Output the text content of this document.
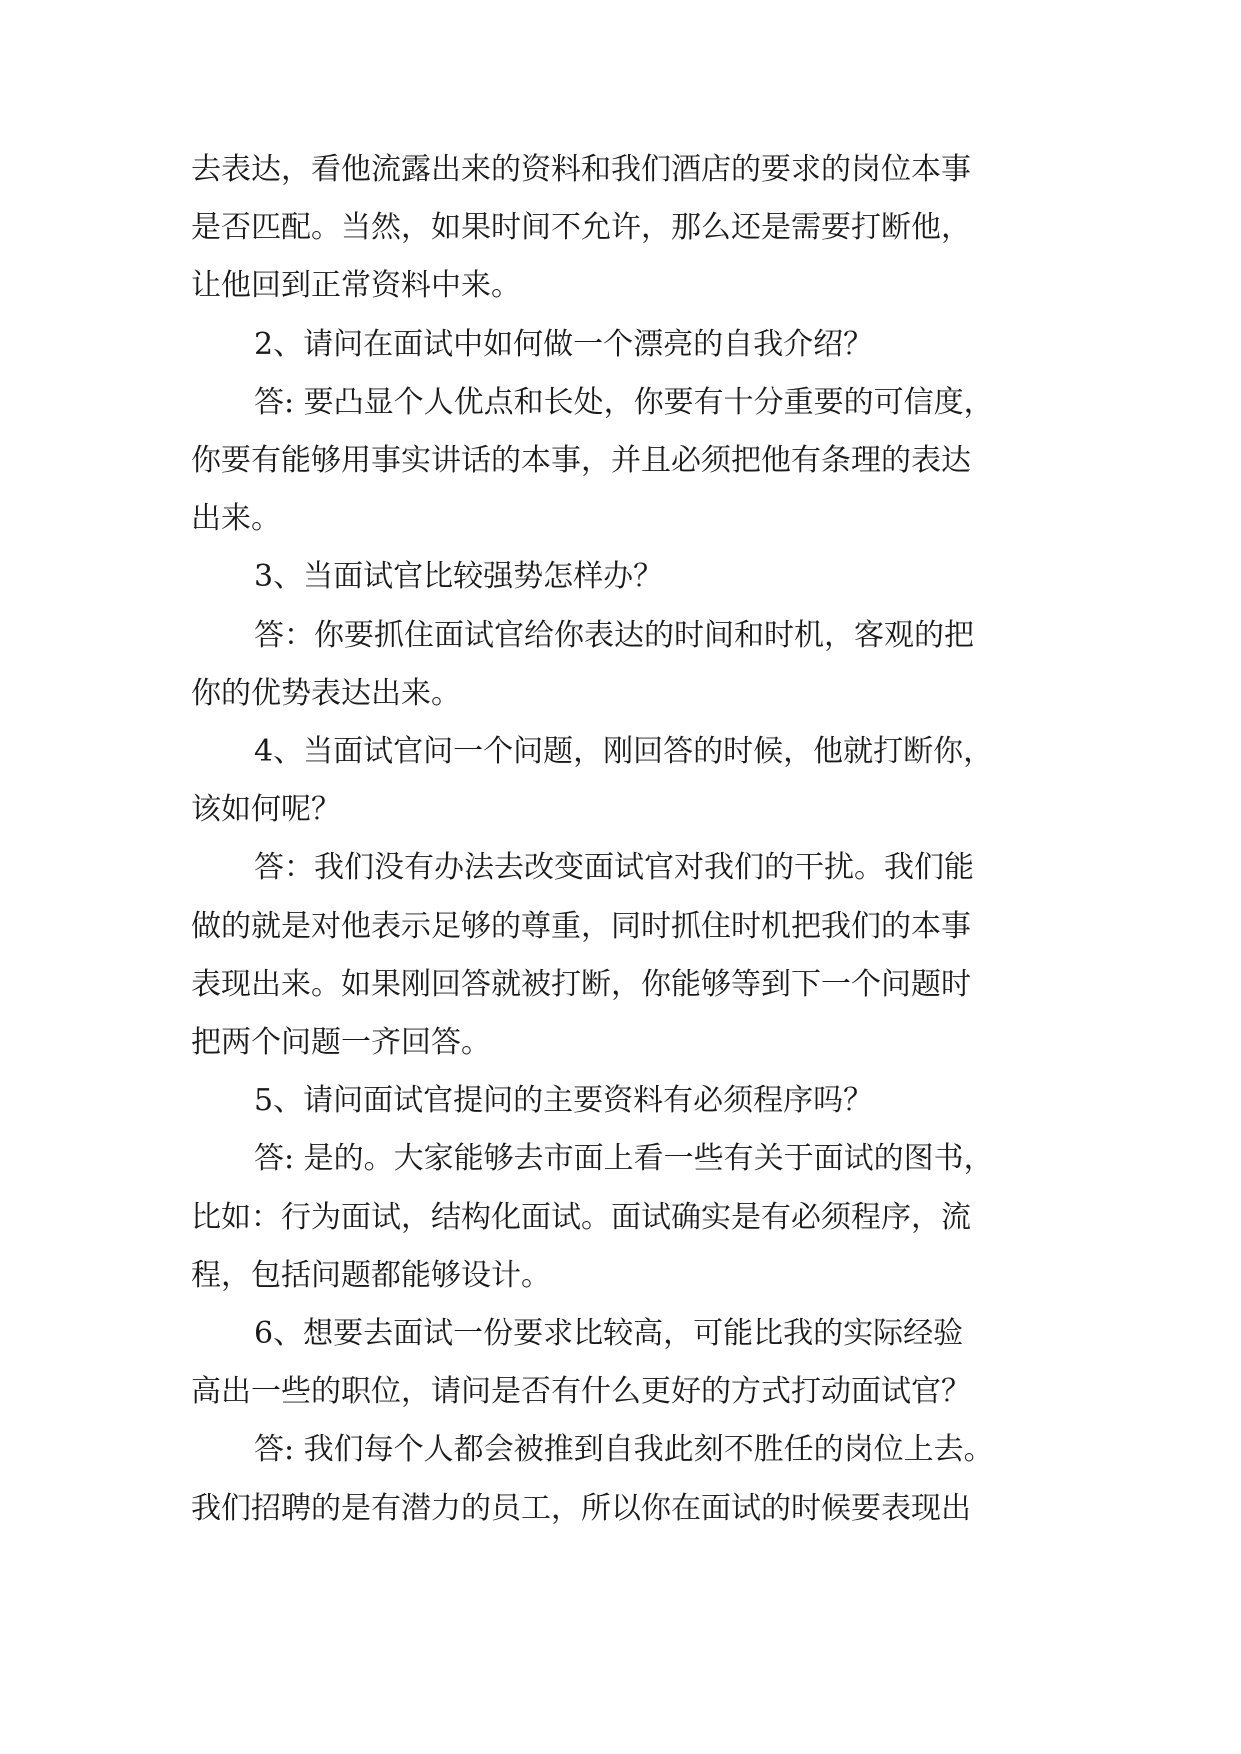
去表达，看他流露出来的资料和我们酒店的要求的岗位本事
是否匹配。当然，如果时间不允许，那么还是需要打断他，
让他回到正常资料中来。
2、请问在面试中如何做一个漂亮的自我介绍？
答: 要凸显个人优点和长处，你要有十分重要的可信度，
你要有能够用事实讲话的本事，并且必须把他有条理的表达
出来。
3、当面试官比较强势怎样办？
答：你要抓住面试官给你表达的时间和时机，客观的把
你的优势表达出来。
4、当面试官问一个问题，刚回答的时候，他就打断你，
该如何呢？
答：我们没有办法去改变面试官对我们的干扰。我们能
做的就是对他表示足够的尊重，同时抓住时机把我们的本事
表现出来。如果刚回答就被打断，你能够等到下一个问题时
把两个问题一齐回答。
5、请问面试官提问的主要资料有必须程序吗？
答: 是的。大家能够去市面上看一些有关于面试的图书，
比如：行为面试，结构化面试。面试确实是有必须程序，流
程，包括问题都能够设计。
6、想要去面试一份要求比较高，可能比我的实际经验
高出一些的职位，请问是否有什么更好的方式打动面试官？
答: 我们每个人都会被推到自我此刻不胜任的岗位上去。
我们招聘的是有潜力的员工，所以你在面试的时候要表现出
